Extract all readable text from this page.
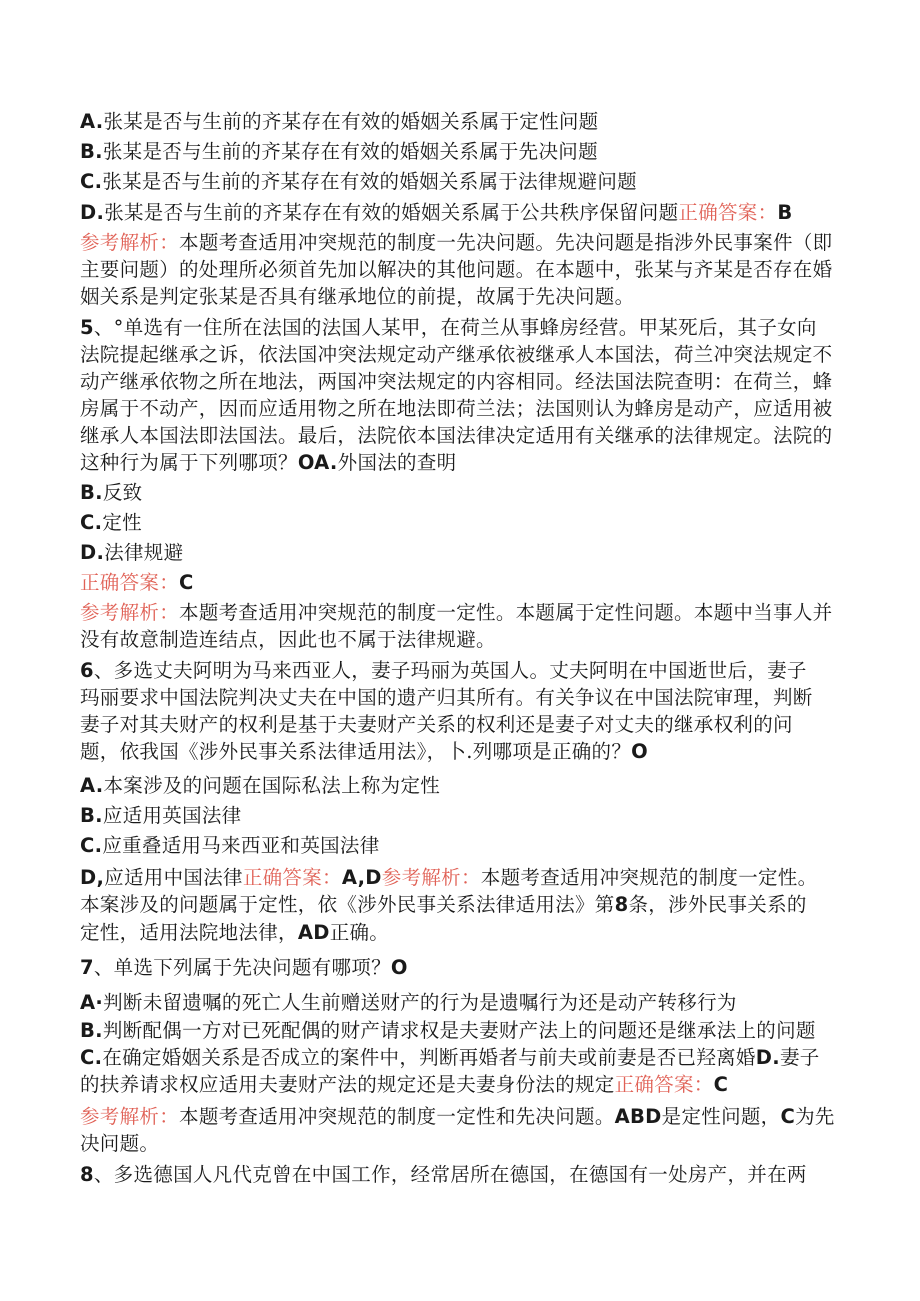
A.张某是否与生前的齐某存在有效的婚姻关系属于定性问题
B.张某是否与生前的齐某存在有效的婚姻关系属于先决问题
C.张某是否与生前的齐某存在有效的婚姻关系属于法律规避问题
D.张某是否与生前的齐某存在有效的婚姻关系属于公共秩序保留问题正确答案：B
参考解析：本题考查适用冲突规范的制度一先决问题。先决问题是指涉外民事案件（即
主要问题）的处理所必须首先加以解决的其他问题。在本题中，张某与齐某是否存在婚
姻关系是判定张某是否具有继承地位的前提，故属于先决问题。
5、°单选有一住所在法国的法国人某甲，在荷兰从事蜂房经营。甲某死后，其子女向
法院提起继承之诉，依法国冲突法规定动产继承依被继承人本国法，荷兰冲突法规定不
动产继承依物之所在地法，两国冲突法规定的内容相同。经法国法院查明：在荷兰，蜂
房属于不动产，因而应适用物之所在地法即荷兰法；法国则认为蜂房是动产，应适用被
继承人本国法即法国法。最后，法院依本国法律决定适用有关继承的法律规定。法院的
这种行为属于下列哪项？OA.外国法的查明
B.反致
C.定性
D.法律规避
正确答案：C
参考解析：本题考查适用冲突规范的制度一定性。本题属于定性问题。本题中当事人并
没有故意制造连结点，因此也不属于法律规避。
6、多选丈夫阿明为马来西亚人，妻子玛丽为英国人。丈夫阿明在中国逝世后，妻子
玛丽要求中国法院判决丈夫在中国的遗产归其所有。有关争议在中国法院审理，判断
妻子对其夫财产的权利是基于夫妻财产关系的权利还是妻子对丈夫的继承权利的问
题，依我国《涉外民事关系法律适用法》，卜.列哪项是正确的？O
A.本案涉及的问题在国际私法上称为定性
B.应适用英国法律
C.应重叠适用马来西亚和英国法律
D,应适用中国法律正确答案：A,D参考解析：本题考查适用冲突规范的制度一定性。
本案涉及的问题属于定性，依《涉外民事关系法律适用法》第8条，涉外民事关系的
定性，适用法院地法律，AD正确。
7、单选下列属于先决问题有哪项？O
A·判断未留遗嘱的死亡人生前赠送财产的行为是遗嘱行为还是动产转移行为
B.判断配偶一方对已死配偶的财产请求权是夫妻财产法上的问题还是继承法上的问题
C.在确定婚姻关系是否成立的案件中，判断再婚者与前夫或前妻是否已羟离婚D.妻子
的扶养请求权应适用夫妻财产法的规定还是夫妻身份法的规定正确答案：C
参考解析：本题考查适用冲突规范的制度一定性和先决问题。ABD是定性问题，C为先
决问题。
8、多选德国人凡代克曾在中国工作，经常居所在德国，在德国有一处房产，并在两
